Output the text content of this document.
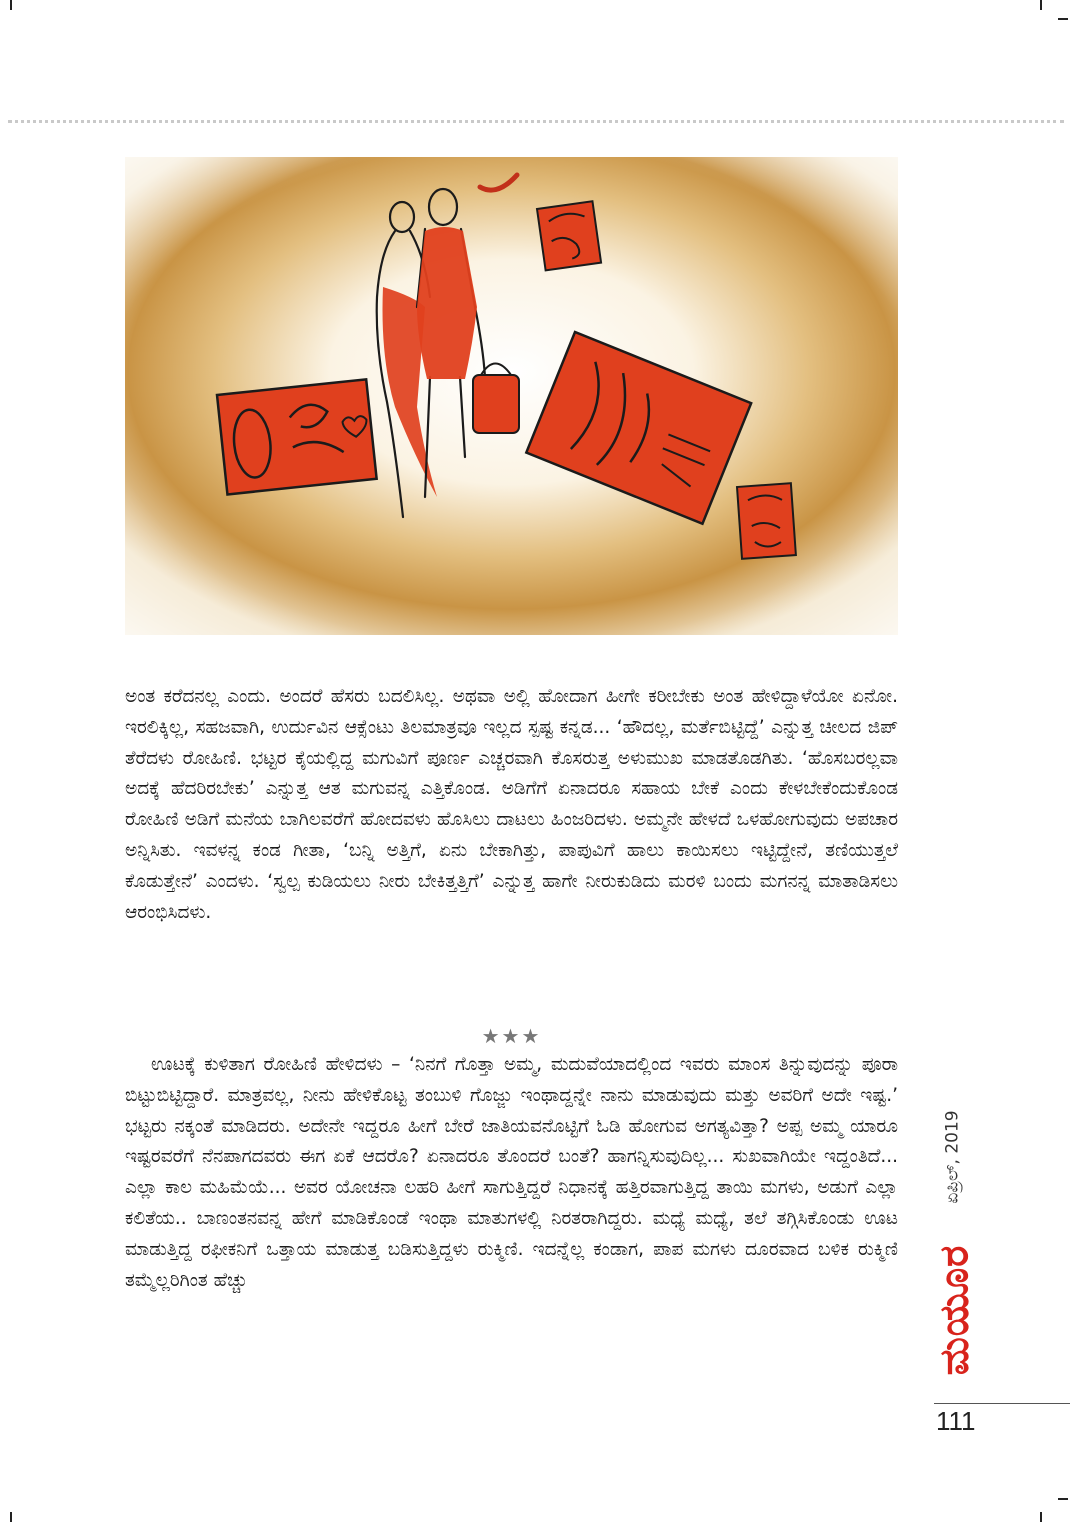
ಅಂತ ಕರೆದನಲ್ಲ ಎಂದು. ಅಂದರೆ ಹೆಸರು ಬದಲಿಸಿಲ್ಲ. ಅಥವಾ ಅಲ್ಲಿ ಹೋದಾಗ ಹೀಗೇ ಕರೀಬೇಕು ಅಂತ ಹೇಳಿದ್ದಾಳೆಯೋ ಏನೋ. ಇರಲಿಕ್ಕಿಲ್ಲ, ಸಹಜವಾಗಿ, ಉರ್ದುವಿನ ಆಕ್ಸೆಂಟು ತಿಲಮಾತ್ರವೂ ಇಲ್ಲದ ಸ್ಪಷ್ಟ ಕನ್ನಡ... ‘ಹೌದಲ್ಲ, ಮರ್ತೆಬಿಟ್ಟಿದ್ದೆ’ ಎನ್ನುತ್ತ ಚೀಲದ ಜಿಪ್ ತೆರೆದಳು ರೋಹಿಣಿ. ಭಟ್ಟರ ಕೈಯಲ್ಲಿದ್ದ ಮಗುವಿಗೆ ಪೂರ್ಣ ಎಚ್ಚರವಾಗಿ ಕೊಸರುತ್ತ ಅಳುಮುಖ ಮಾಡತೊಡಗಿತು. ‘ಹೊಸಬರಲ್ಲವಾ ಅದಕ್ಕೆ ಹೆದರಿರಬೇಕು’ ಎನ್ನುತ್ತ ಆತ ಮಗುವನ್ನ ಎತ್ತಿಕೊಂಡ. ಅಡಿಗೆಗೆ ಏನಾದರೂ ಸಹಾಯ ಬೇಕೆ ಎಂದು ಕೇಳಬೇಕೆಂದುಕೊಂಡ ರೋಹಿಣಿ ಅಡಿಗೆ ಮನೆಯ ಬಾಗಿಲವರೆಗೆ ಹೋದವಳು ಹೊಸಿಲು ದಾಟಲು ಹಿಂಜರಿದಳು. ಅಮ್ಮನೇ ಹೇಳದೆ ಒಳಹೋಗುವುದು ಅಪಚಾರ ಅನ್ನಿಸಿತು. ಇವಳನ್ನ ಕಂಡ ಗೀತಾ, ‘ಬನ್ನಿ ಅತ್ತಿಗೆ, ಏನು ಬೇಕಾಗಿತ್ತು, ಪಾಪುವಿಗೆ ಹಾಲು ಕಾಯಿಸಲು ಇಟ್ಟಿದ್ದೇನೆ, ತಣಿಯುತ್ತಲೆ ಕೊಡುತ್ತೇನೆ’ ಎಂದಳು. ‘ಸ್ವಲ್ಪ ಕುಡಿಯಲು ನೀರು ಬೇಕಿತ್ತತ್ತಿಗೆ’ ಎನ್ನುತ್ತ ಹಾಗೇ ನೀರುಕುಡಿದು ಮರಳಿ ಬಂದು ಮಗನನ್ನ ಮಾತಾಡಿಸಲು ಆರಂಭಿಸಿದಳು.

★★★

ಊಟಕ್ಕೆ ಕುಳಿತಾಗ ರೋಹಿಣಿ ಹೇಳಿದಳು – ‘ನಿನಗೆ ಗೊತ್ತಾ ಅಮ್ಮ, ಮದುವೆಯಾದಲ್ಲಿಂದ ಇವರು ಮಾಂಸ ತಿನ್ನುವುದನ್ನು ಪೂರಾ ಬಿಟ್ಟುಬಿಟ್ಟಿದ್ದಾರೆ. ಮಾತ್ರವಲ್ಲ, ನೀನು ಹೇಳಿಕೊಟ್ಟ ತಂಬುಳಿ ಗೊಜ್ಜು ಇಂಥಾದ್ದನ್ನೇ ನಾನು ಮಾಡುವುದು ಮತ್ತು ಅವರಿಗೆ ಅದೇ ಇಷ್ಟ.’ ಭಟ್ಟರು ನಕ್ಕಂತೆ ಮಾಡಿದರು. ಅದೇನೇ ಇದ್ದರೂ ಹೀಗೆ ಬೇರೆ ಜಾತಿಯವನೊಟ್ಟಿಗೆ ಓಡಿ ಹೋಗುವ ಅಗತ್ಯವಿತ್ತಾ? ಅಪ್ಪ ಅಮ್ಮ ಯಾರೂ ಇಷ್ಟರವರೆಗೆ ನೆನಪಾಗದವರು ಈಗ ಏಕೆ ಆದರೊ? ಏನಾದರೂ ತೊಂದರೆ ಬಂತೆ? ಹಾಗನ್ನಿಸುವುದಿಲ್ಲ... ಸುಖವಾಗಿಯೇ ಇದ್ದಂತಿದೆ... ಎಲ್ಲಾ ಕಾಲ ಮಹಿಮೆಯೆ... ಅವರ ಯೋಚನಾ ಲಹರಿ ಹೀಗೆ ಸಾಗುತ್ತಿದ್ದರೆ ನಿಧಾನಕ್ಕೆ ಹತ್ತಿರವಾಗುತ್ತಿದ್ದ ತಾಯಿ ಮಗಳು, ಅಡುಗೆ ಎಲ್ಲಾ ಕಲಿತೆಯ.. ಬಾಣಂತನವನ್ನ ಹೇಗೆ ಮಾಡಿಕೊಂಡೆ ಇಂಥಾ ಮಾತುಗಳಲ್ಲಿ ನಿರತರಾಗಿದ್ದರು. ಮಧ್ಯೆ ಮಧ್ಯೆ, ತಲೆ ತಗ್ಗಿಸಿಕೊಂಡು ಊಟ ಮಾಡುತ್ತಿದ್ದ ರಫೀಕನಿಗೆ ಒತ್ತಾಯ ಮಾಡುತ್ತ ಬಡಿಸುತ್ತಿದ್ದಳು ರುಕ್ಮಿಣಿ. ಇದನ್ನೆಲ್ಲ ಕಂಡಾಗ, ಪಾಪ ಮಗಳು ದೂರವಾದ ಬಳಿಕ ರುಕ್ಮಿಣಿ ತಮ್ಮೆಲ್ಲರಿಗಿಂತ ಹೆಚ್ಚು

ಏಪ್ರಿಲ್, 2019
ಮಯೂರ
111
